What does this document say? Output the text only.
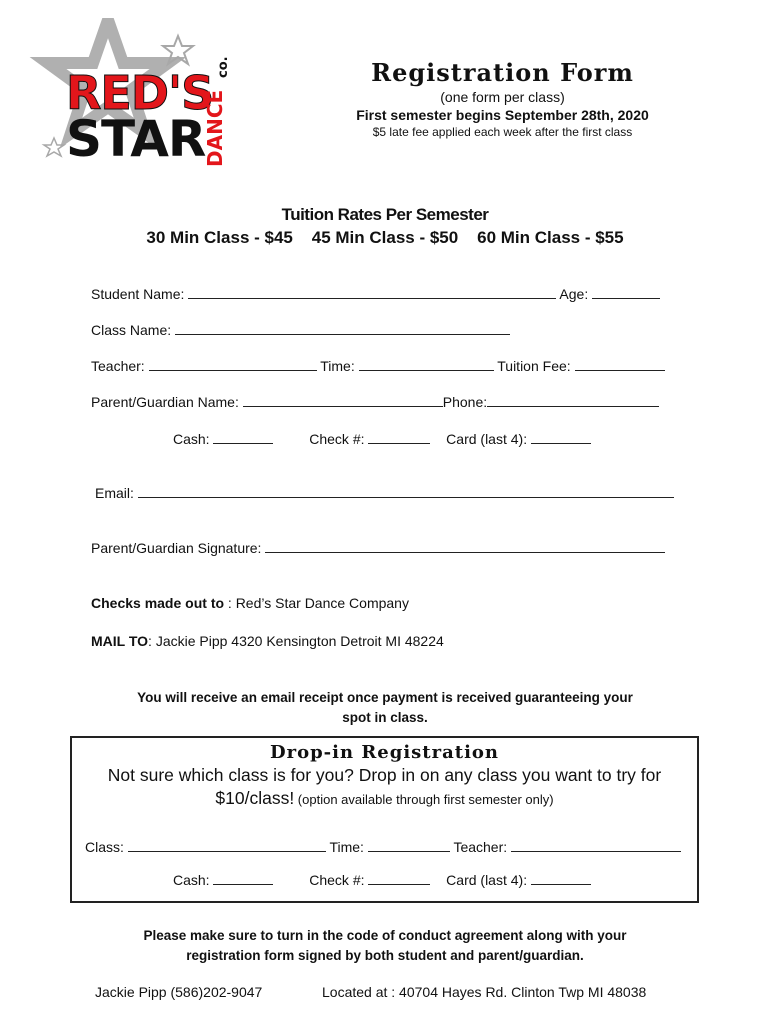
RED'S
STAR
DANCE
co.	Registration Form
(one form per class)
First semester begins September 28th, 2020
$5 late fee applied each week after the first class
Tuition Rates Per Semester
30 Min Class - $45    45 Min Class - $50    60 Min Class - $55
Student Name:	Age:
Class Name:
Teacher:	Time:	Tuition Fee:
Parent/Guardian Name:	Phone:
Cash:	Check #:	Card (last 4):
Email:
Parent/Guardian Signature:
Checks made out to : Red’s Star Dance Company
MAIL TO: Jackie Pipp 4320 Kensington Detroit MI 48224
You will receive an email receipt once payment is received guaranteeing your
spot in class.
Drop-in Registration
Not sure which class is for you? Drop in on any class you want to try for
$10/class! (option available through first semester only)
Class:	Time:	Teacher:
Cash:	Check #:	Card (last 4):
Please make sure to turn in the code of conduct agreement along with your
registration form signed by both student and parent/guardian.
Jackie Pipp (586)202-9047	Located at : 40704 Hayes Rd. Clinton Twp MI 48038
